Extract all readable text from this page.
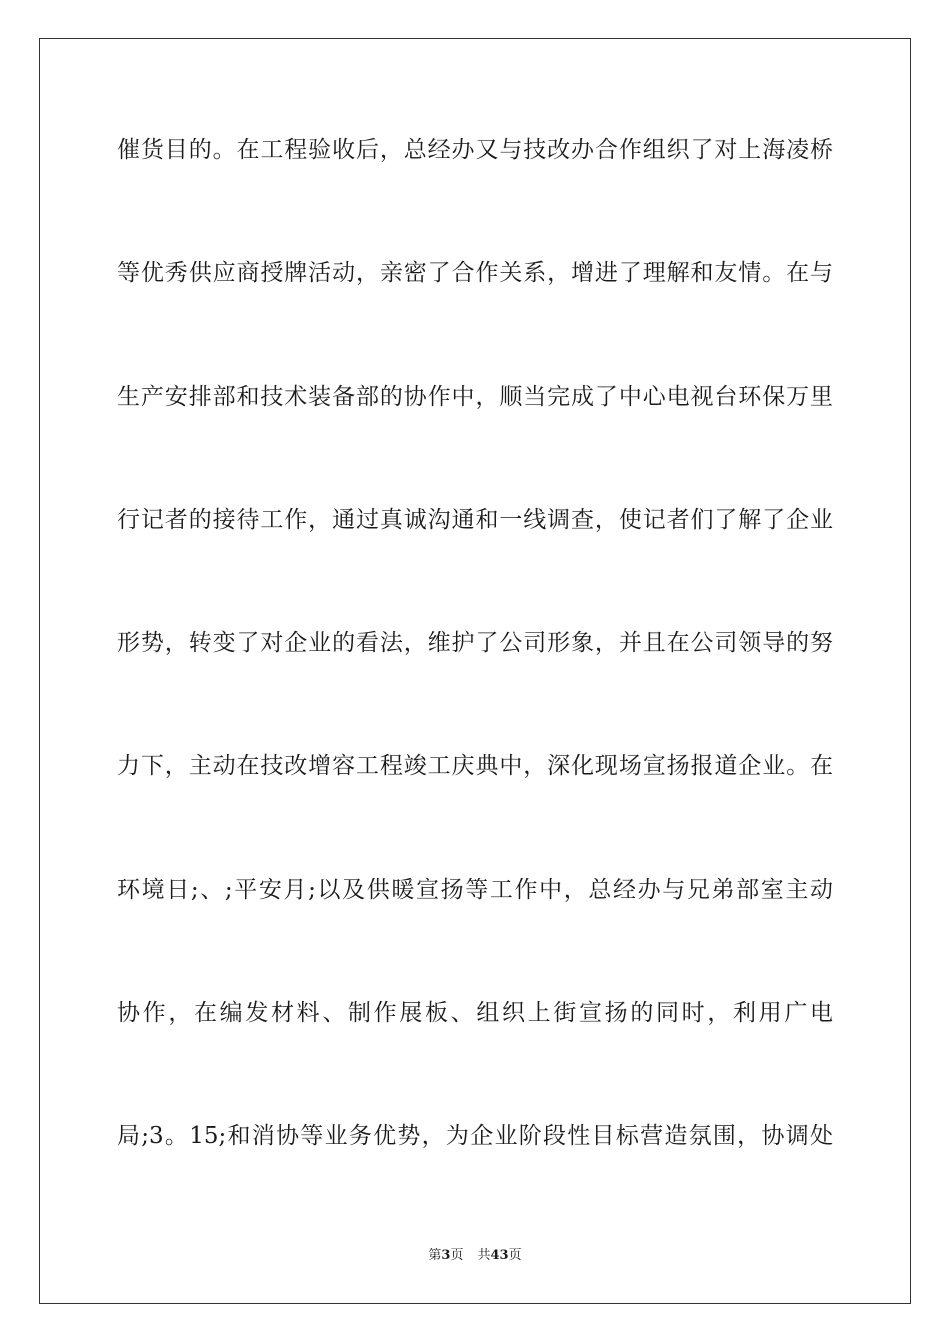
催货目的。在工程验收后，总经办又与技改办合作组织了对上海凌桥
等优秀供应商授牌活动，亲密了合作关系，增进了理解和友情。在与
生产安排部和技术装备部的协作中，顺当完成了中心电视台环保万里
行记者的接待工作，通过真诚沟通和一线调查，使记者们了解了企业
形势，转变了对企业的看法，维护了公司形象，并且在公司领导的努
力下，主动在技改增容工程竣工庆典中，深化现场宣扬报道企业。在
环境日;、;平安月;以及供暖宣扬等工作中，总经办与兄弟部室主动
协作，在编发材料、制作展板、组织上街宣扬的同时，利用广电
局;3。15;和消协等业务优势，为企业阶段性目标营造氛围，协调处
第3页 共43页
